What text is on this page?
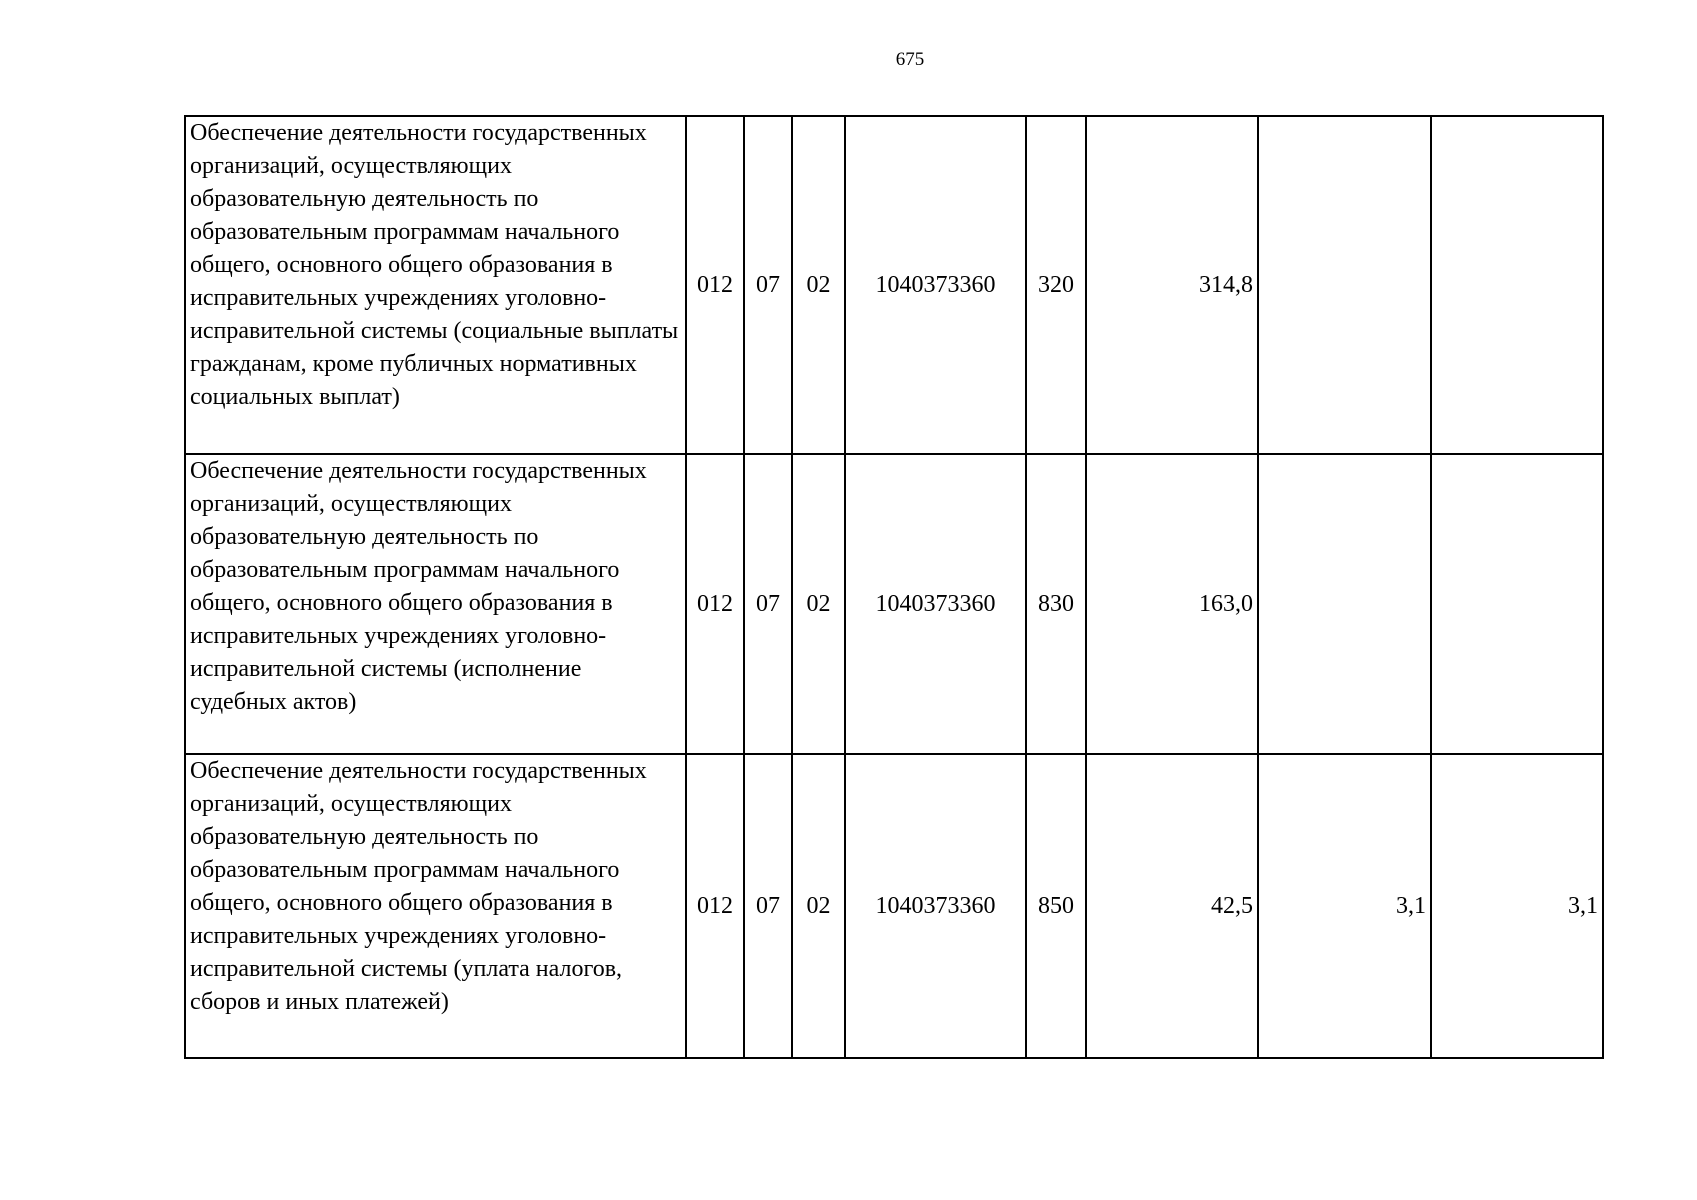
675
Обеспечение деятельности государственных организаций, осуществляющих образовательную деятельность по образовательным программам начального общего, основного общего образования в исправительных учреждениях уголовно-исправительной системы (социальные выплаты гражданам, кроме публичных нормативных социальных выплат)	012	07	02	1040373360	320	314,8		
Обеспечение деятельности государственных организаций, осуществляющих образовательную деятельность по образовательным программам начального общего, основного общего образования в исправительных учреждениях уголовно-исправительной системы (исполнение судебных актов)	012	07	02	1040373360	830	163,0		
Обеспечение деятельности государственных организаций, осуществляющих образовательную деятельность по образовательным программам начального общего, основного общего образования в исправительных учреждениях уголовно-исправительной системы (уплата налогов, сборов и иных платежей)	012	07	02	1040373360	850	42,5	3,1	3,1
